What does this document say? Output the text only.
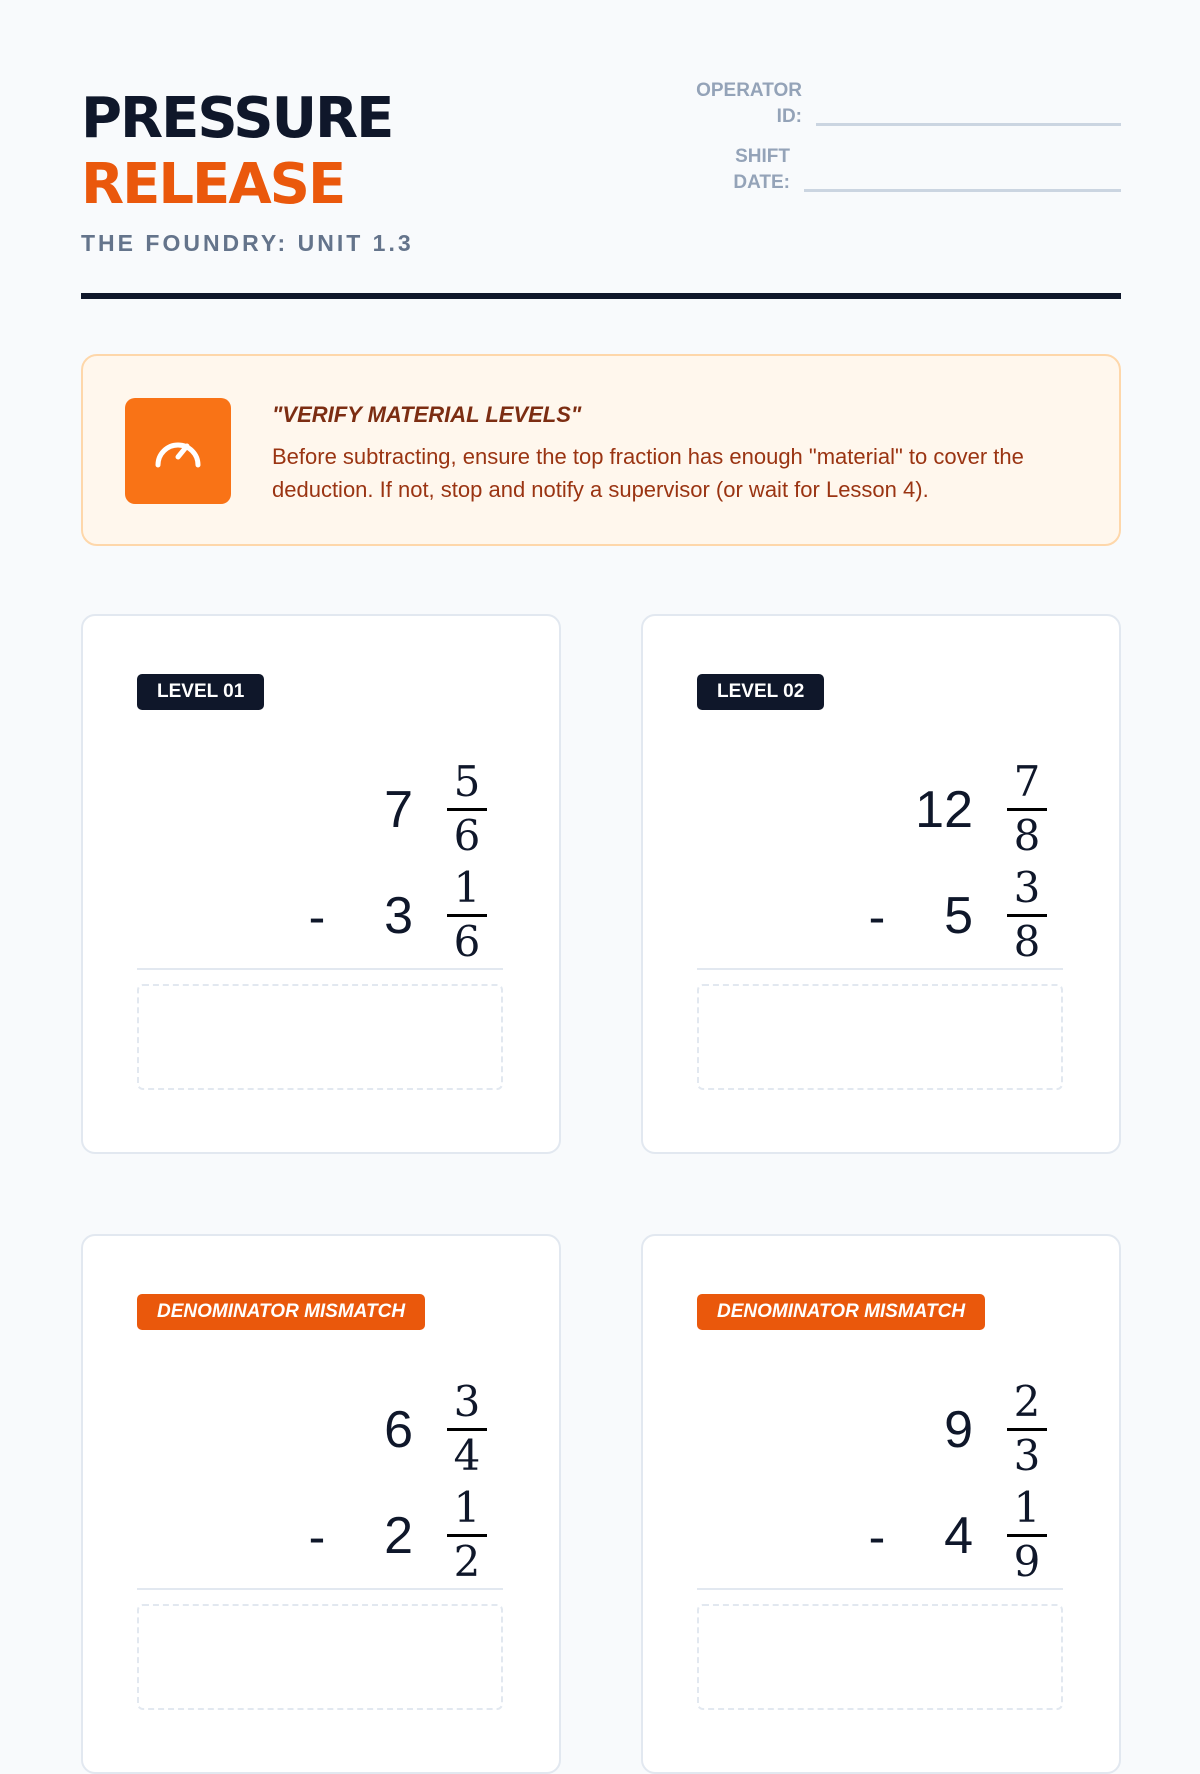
PRESSURE
RELEASE
THE FOUNDRY: UNIT 1.3
OPERATOR
ID:
SHIFT
DATE:
"VERIFY MATERIAL LEVELS"
Before subtracting, ensure the top fraction has enough "material" to cover the deduction. If not, stop and notify a supervisor (or wait for Lesson 4).
LEVEL 01
7 5
6
- 3 1
6
LEVEL 02
12 7
8
- 5 3
8
DENOMINATOR MISMATCH
6 3
4
- 2 1
2
DENOMINATOR MISMATCH
9 2
3
- 4 1
9
